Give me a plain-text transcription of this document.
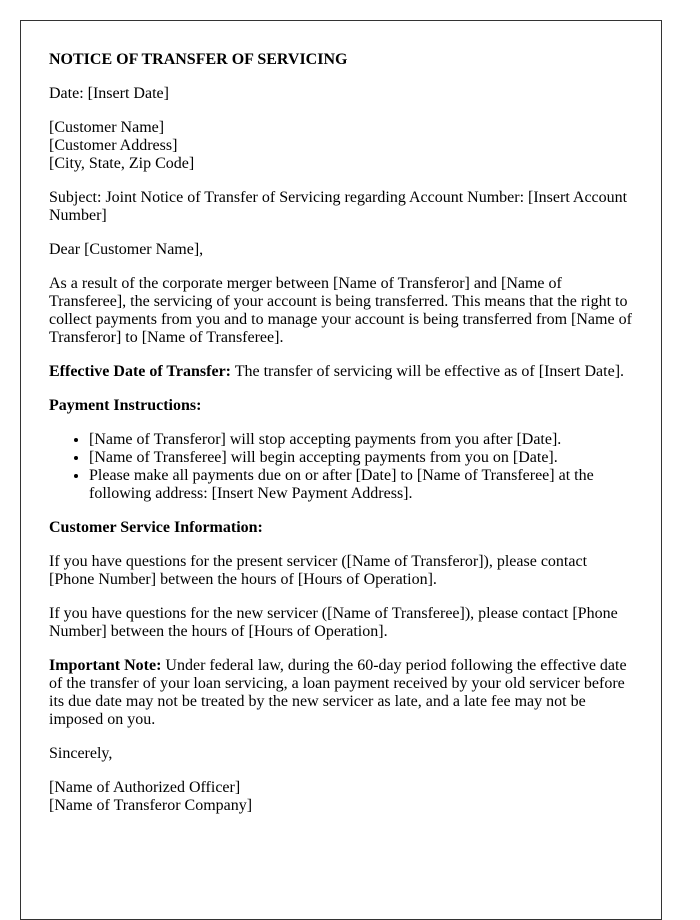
NOTICE OF TRANSFER OF SERVICING

Date: [Insert Date]

[Customer Name]

[Customer Address]

[City, State, Zip Code]

Subject: Joint Notice of Transfer of Servicing regarding Account Number: [Insert Account Number]

Dear [Customer Name],

As a result of the corporate merger between [Name of Transferor] and [Name of Transferee], the servicing of your account is being transferred. This means that the right to collect payments from you and to manage your account is being transferred from [Name of Transferor] to [Name of Transferee].

Effective Date of Transfer: The transfer of servicing will be effective as of [Insert Date].

Payment Instructions:

• [Name of Transferor] will stop accepting payments from you after [Date].
• [Name of Transferee] will begin accepting payments from you on [Date].
• Please make all payments due on or after [Date] to [Name of Transferee] at the following address: [Insert New Payment Address].

Customer Service Information:

If you have questions for the present servicer ([Name of Transferor]), please contact [Phone Number] between the hours of [Hours of Operation].

If you have questions for the new servicer ([Name of Transferee]), please contact [Phone Number] between the hours of [Hours of Operation].

Important Note: Under federal law, during the 60-day period following the effective date of the transfer of your loan servicing, a loan payment received by your old servicer before its due date may not be treated by the new servicer as late, and a late fee may not be imposed on you.

Sincerely,

[Name of Authorized Officer]

[Name of Transferor Company]
